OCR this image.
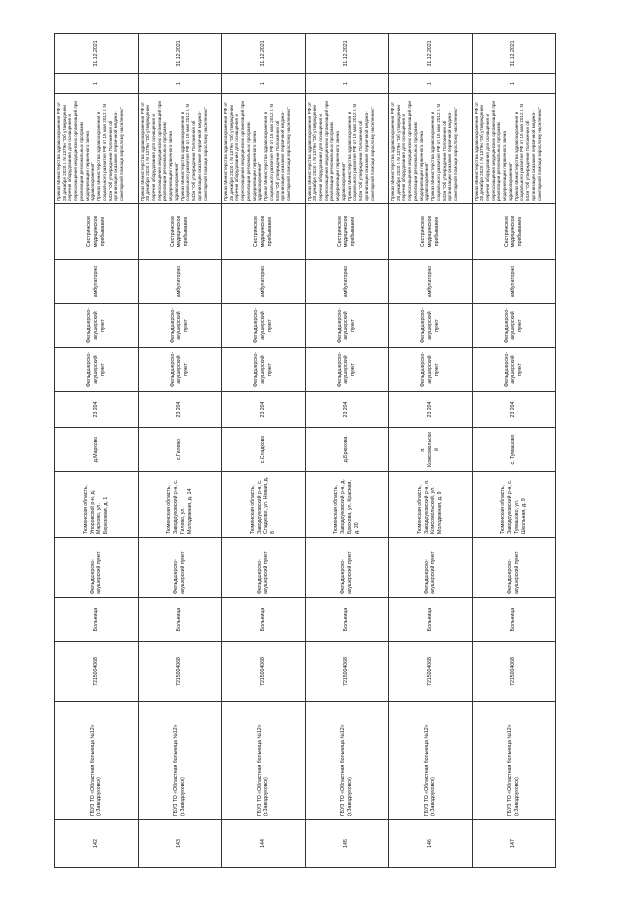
142	ГБУЗ ТО «Областная больница №12» (г.Заводоуковск)	7215004068	Больница	Фельдшерско-акушерский пункт	Тюменская область, Упоровский р-н, д. Марково, ул. Березовая, д. 1	д.Марково	23 204	Фельдшерско-акушерский пункт	Фельдшерско-акушерский пункт	амбулаторно	Сестринское медицинское пребывание	Приказ Министерства здравоохранения РФ от 28 декабря 2020 г. N 1379н "Об утверждении перечня оборудования для оснащения и переоснащения медицинских организаций при реализации региональных программ модернизации первичного звена здравоохранения" Приказ Министерства здравоохранения и социального развития РФ от 15 мая 2012 г. N 543н "Об утверждении Положения об организации оказания первичной медико-санитарной помощи взрослому населению"	1	31.12.2021
143	ГБУЗ ТО «Областная больница №12» (г.Заводоуковск)	7215004068	Больница	Фельдшерско-акушерский пункт	Тюменская область, Заводоуковский р-н, с. Гилево, ул. Молодежная, д. 14	с.Гилево	23 204	Фельдшерско-акушерский пункт	Фельдшерско-акушерский пункт	амбулаторно	Сестринское медицинское пребывание	Приказ Министерства здравоохранения РФ от 28 декабря 2020 г. N 1379н "Об утверждении перечня оборудования для оснащения и переоснащения медицинских организаций при реализации региональных программ модернизации первичного звена здравоохранения" Приказ Министерства здравоохранения и социального развития РФ от 15 мая 2012 г. N 543н "Об утверждении Положения об организации оказания первичной медико-санитарной помощи взрослому населению"	1	31.12.2021
144	ГБУЗ ТО «Областная больница №12» (г.Заводоуковск)	7215004068	Больница	Фельдшерско-акушерский пункт	Тюменская область, Заводоуковский р-н, с. Сладково, ул. Новая, д. 8	с.Сладково	23 204	Фельдшерско-акушерский пункт	Фельдшерско-акушерский пункт	амбулаторно	Сестринское медицинское пребывание	Приказ Министерства здравоохранения РФ от 28 декабря 2020 г. N 1379н "Об утверждении перечня оборудования для оснащения и переоснащения медицинских организаций при реализации региональных программ модернизации первичного звена здравоохранения" Приказ Министерства здравоохранения и социального развития РФ от 15 мая 2012 г. N 543н "Об утверждении Положения об организации оказания первичной медико-санитарной помощи взрослому населению"	1	31.12.2021
145	ГБУЗ ТО «Областная больница №12» (г.Заводоуковск)	7215004068	Больница	Фельдшерско-акушерский пункт	Тюменская область, Заводоуковский р-н, д. Брюхова, ул. Красная, д. 20	д.Брюхова	23 204	Фельдшерско-акушерский пункт	Фельдшерско-акушерский пункт	амбулаторно	Сестринское медицинское пребывание	Приказ Министерства здравоохранения РФ от 28 декабря 2020 г. N 1379н "Об утверждении перечня оборудования для оснащения и переоснащения медицинских организаций при реализации региональных программ модернизации первичного звена здравоохранения" Приказ Министерства здравоохранения и социального развития РФ от 15 мая 2012 г. N 543н "Об утверждении Положения об организации оказания первичной медико-санитарной помощи взрослому населению"	1	31.12.2021
146	ГБУЗ ТО «Областная больница №12» (г.Заводоуковск)	7215004068	Больница	Фельдшерско-акушерский пункт	Тюменская область, Заводоуковский р-н, п. Комсомольский, ул. Молодежная, д. 9	п. Комсомольский	23 204	Фельдшерско-акушерский пункт	Фельдшерско-акушерский пункт	амбулаторно	Сестринское медицинское пребывание	Приказ Министерства здравоохранения РФ от 28 декабря 2020 г. N 1379н "Об утверждении перечня оборудования для оснащения и переоснащения медицинских организаций при реализации региональных программ модернизации первичного звена здравоохранения" Приказ Министерства здравоохранения и социального развития РФ от 15 мая 2012 г. N 543н "Об утверждении Положения об организации оказания первичной медико-санитарной помощи взрослому населению"	1	31.12.2021
147	ГБУЗ ТО «Областная больница №12» (г.Заводоуковск)	7215004068	Больница	Фельдшерско-акушерский пункт	Тюменская область, Заводоуковский р-н, с. Тумашово, ул. Школьная, д. 9	с. Тумашово	23 204	Фельдшерско-акушерский пункт	Фельдшерско-акушерский пункт	амбулаторно	Сестринское медицинское пребывание	Приказ Министерства здравоохранения РФ от 28 декабря 2020 г. N 1379н "Об утверждении перечня оборудования для оснащения и переоснащения медицинских организаций при реализации региональных программ модернизации первичного звена здравоохранения" Приказ Министерства здравоохранения и социального развития РФ от 15 мая 2012 г. N 543н "Об утверждении Положения об организации оказания первичной медико-санитарной помощи взрослому населению"	1	31.12.2021
